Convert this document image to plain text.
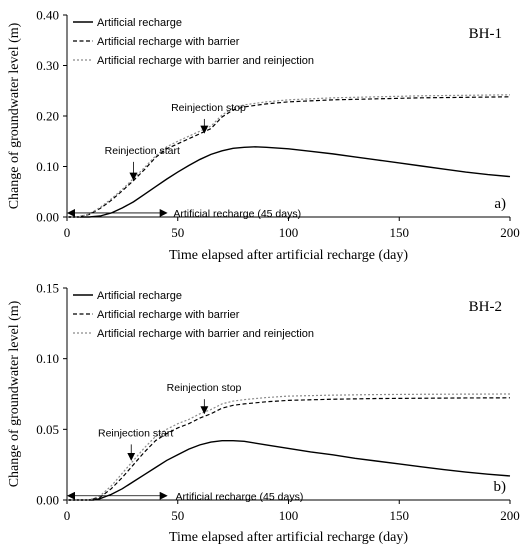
0	50	100	150	200
0.00
0.10
0.20
0.30
0.40
Time elapsed after artificial recharge (day)
Change of groundwater level (m)	Artificial recharge
Artificial recharge with barrier
Artificial recharge with barrier and reinjection
BH-1
a)
Reinjection start
Reinjection stop
Artificial recharge (45 days)
0	50	100	150	200
0.00
0.05
0.10
0.15
Time elapsed after artificial recharge (day)
Change of groundwater level (m)
Artificial recharge
Artificial recharge with barrier
Artificial recharge with barrier and reinjection
BH-2
b)
Reinjection start
Reinjection stop
Artificial recharge (45 days)
